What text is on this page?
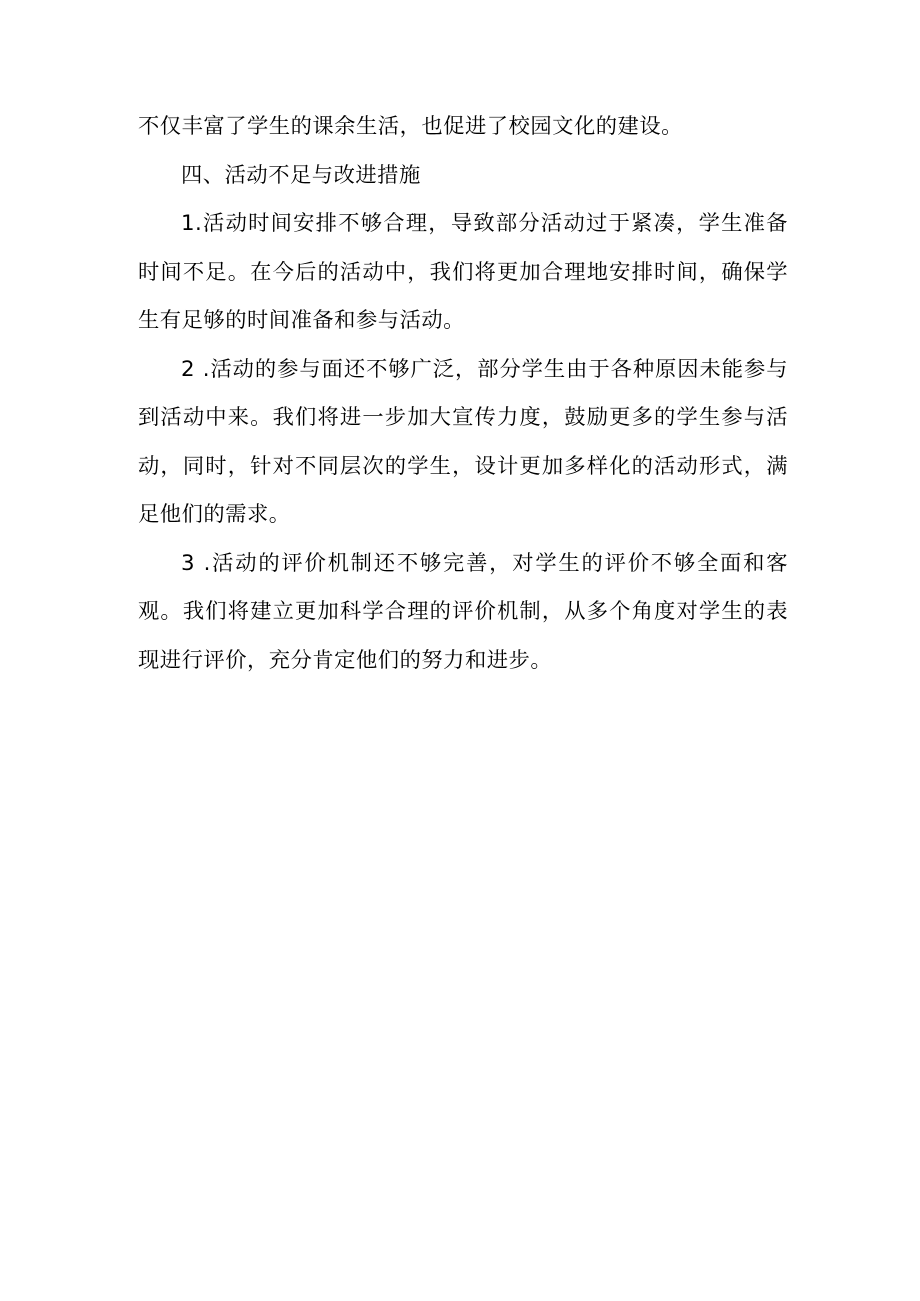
不仅丰富了学生的课余生活，也促进了校园文化的建设。

四、活动不足与改进措施

1.活动时间安排不够合理，导致部分活动过于紧凑，学生准备时间不足。在今后的活动中，我们将更加合理地安排时间，确保学生有足够的时间准备和参与活动。

2 .活动的参与面还不够广泛，部分学生由于各种原因未能参与到活动中来。我们将进一步加大宣传力度，鼓励更多的学生参与活动，同时，针对不同层次的学生，设计更加多样化的活动形式，满足他们的需求。

3 .活动的评价机制还不够完善，对学生的评价不够全面和客观。我们将建立更加科学合理的评价机制，从多个角度对学生的表现进行评价，充分肯定他们的努力和进步。
